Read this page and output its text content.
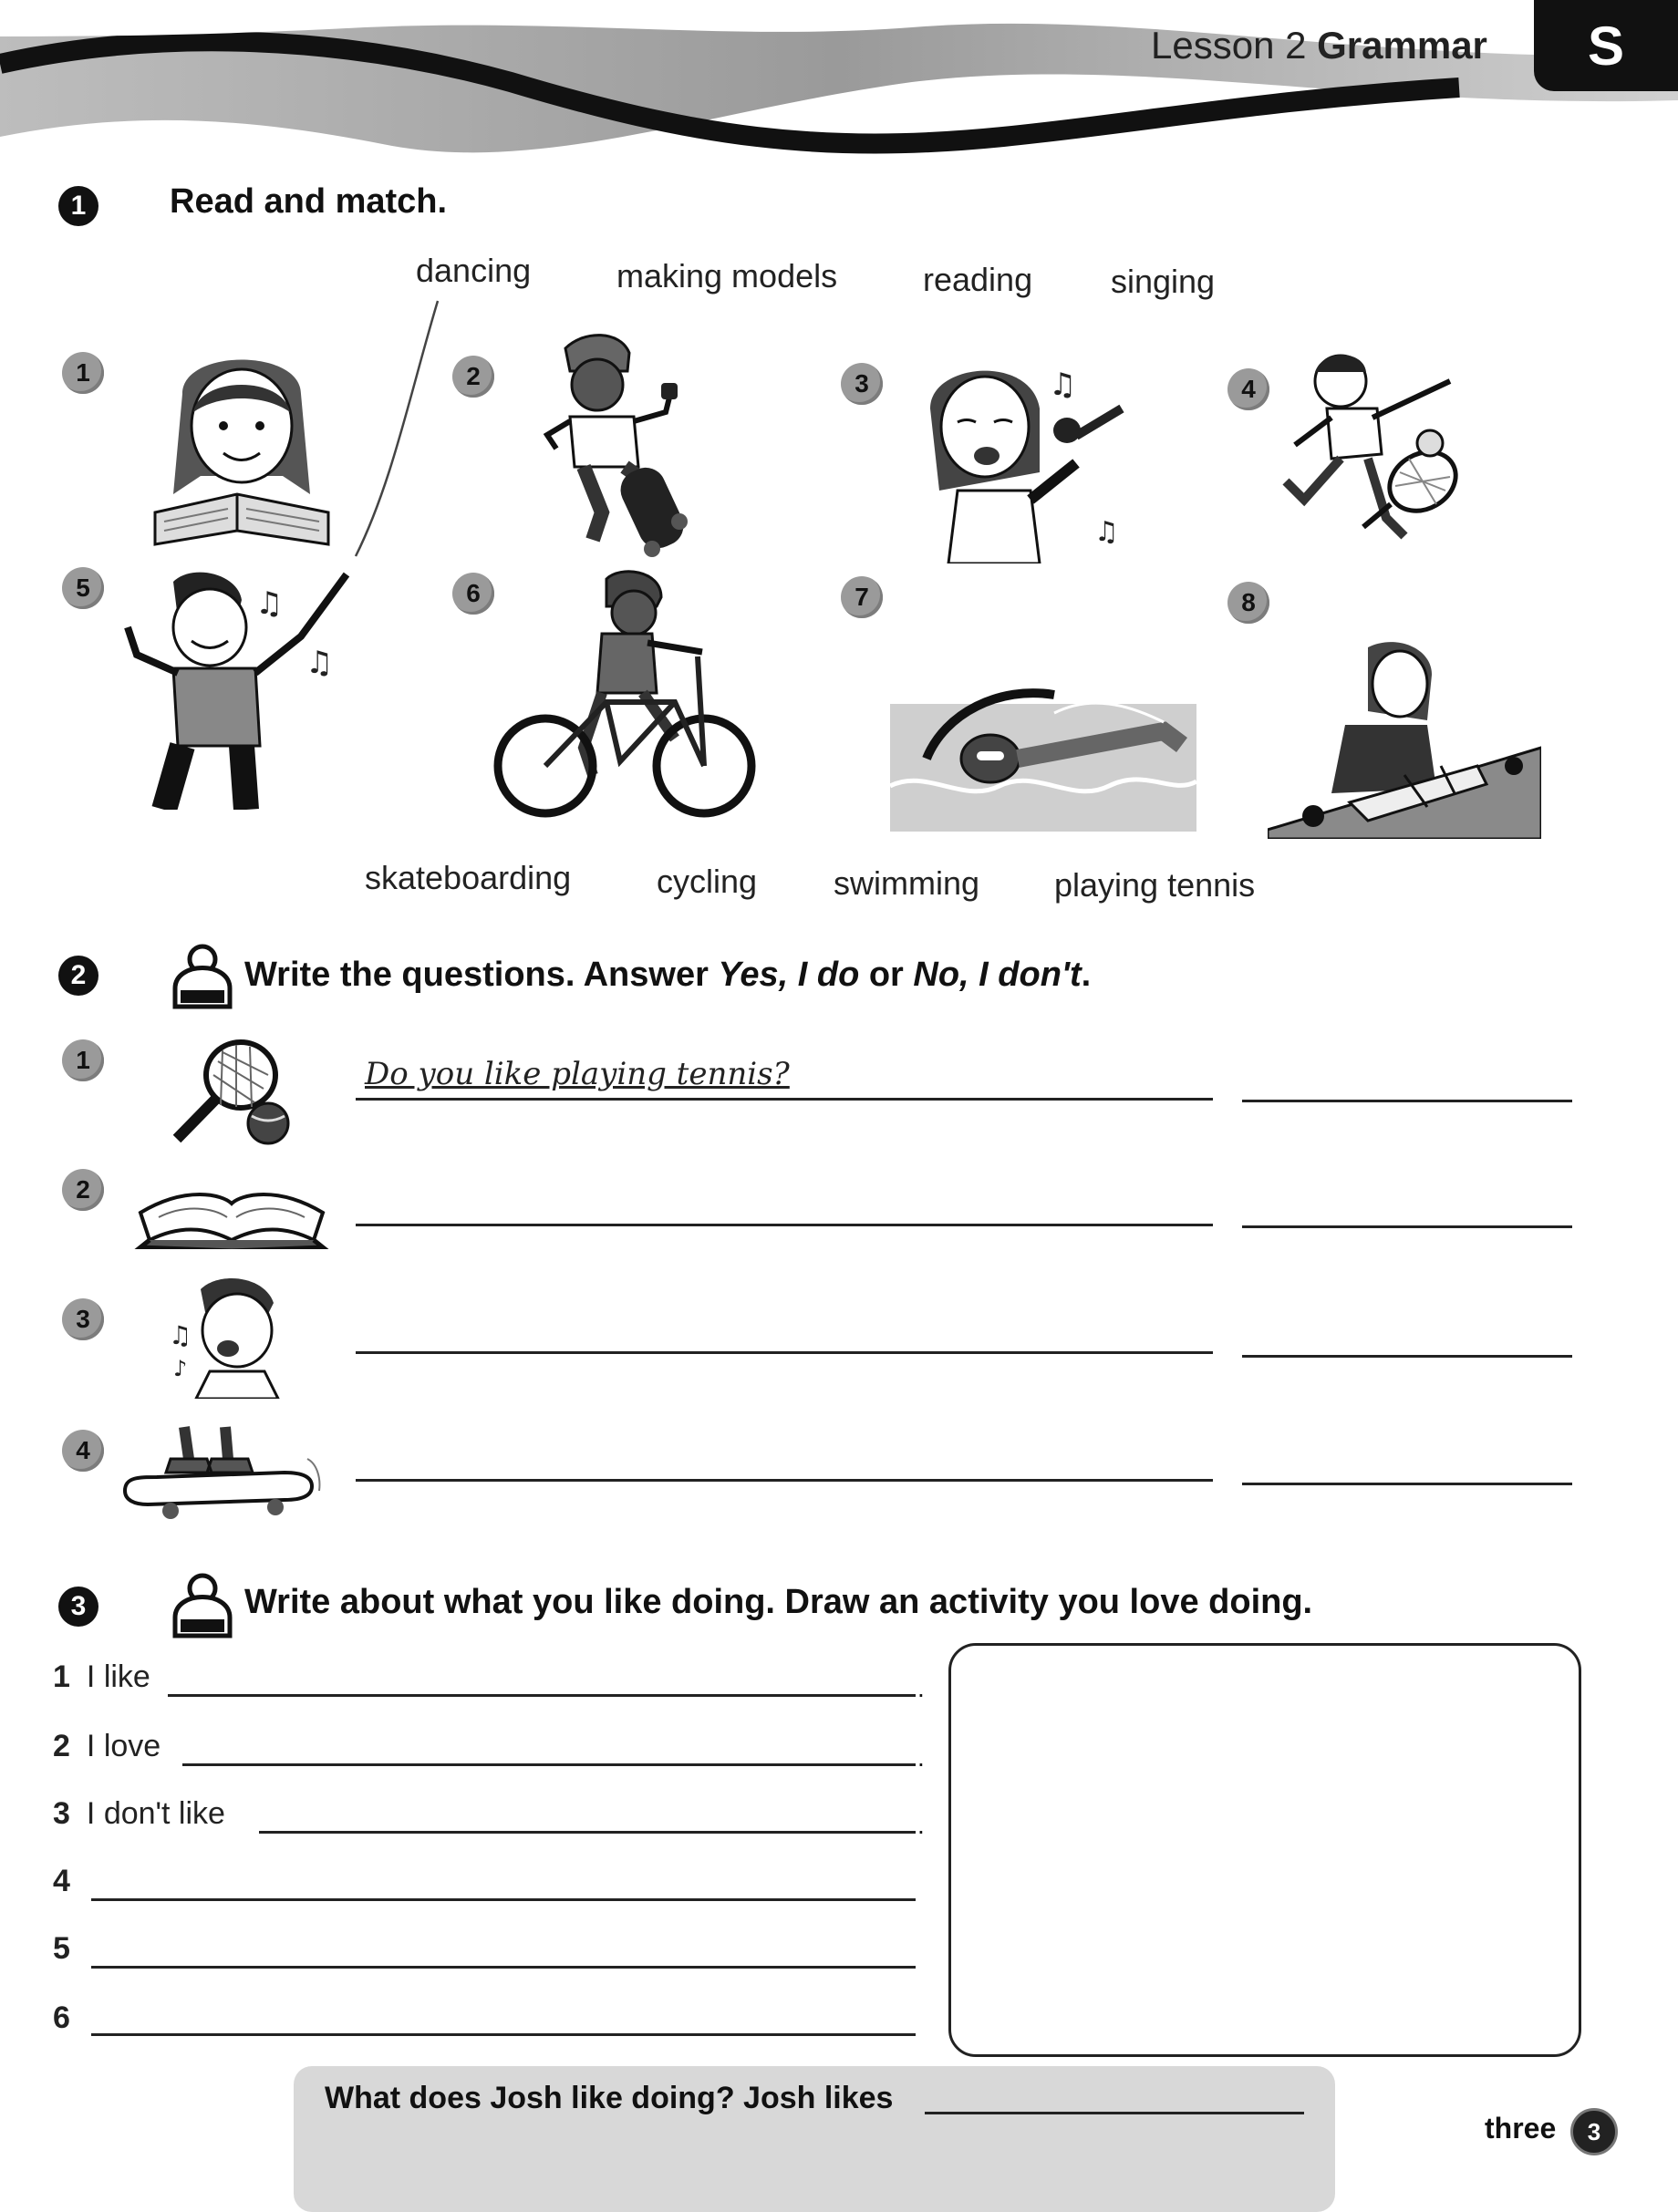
Lesson 2 Grammar	S
1	Read and match.
dancing	making models	reading singing
1	2	3	4
5	6	7	8
♫
♫
♫
♫
skateboarding	cycling swimming playing tennis
2	Write the questions. Answer Yes, I do or No, I don't.
1	Do you like playing tennis?
2
3
♫
♪
4
3	Write about what you like doing. Draw an activity you love doing.
1 I like	.
2 I love	.
3 I don't like	.
4
5
6
What does Josh like doing? Josh likes
three	3
